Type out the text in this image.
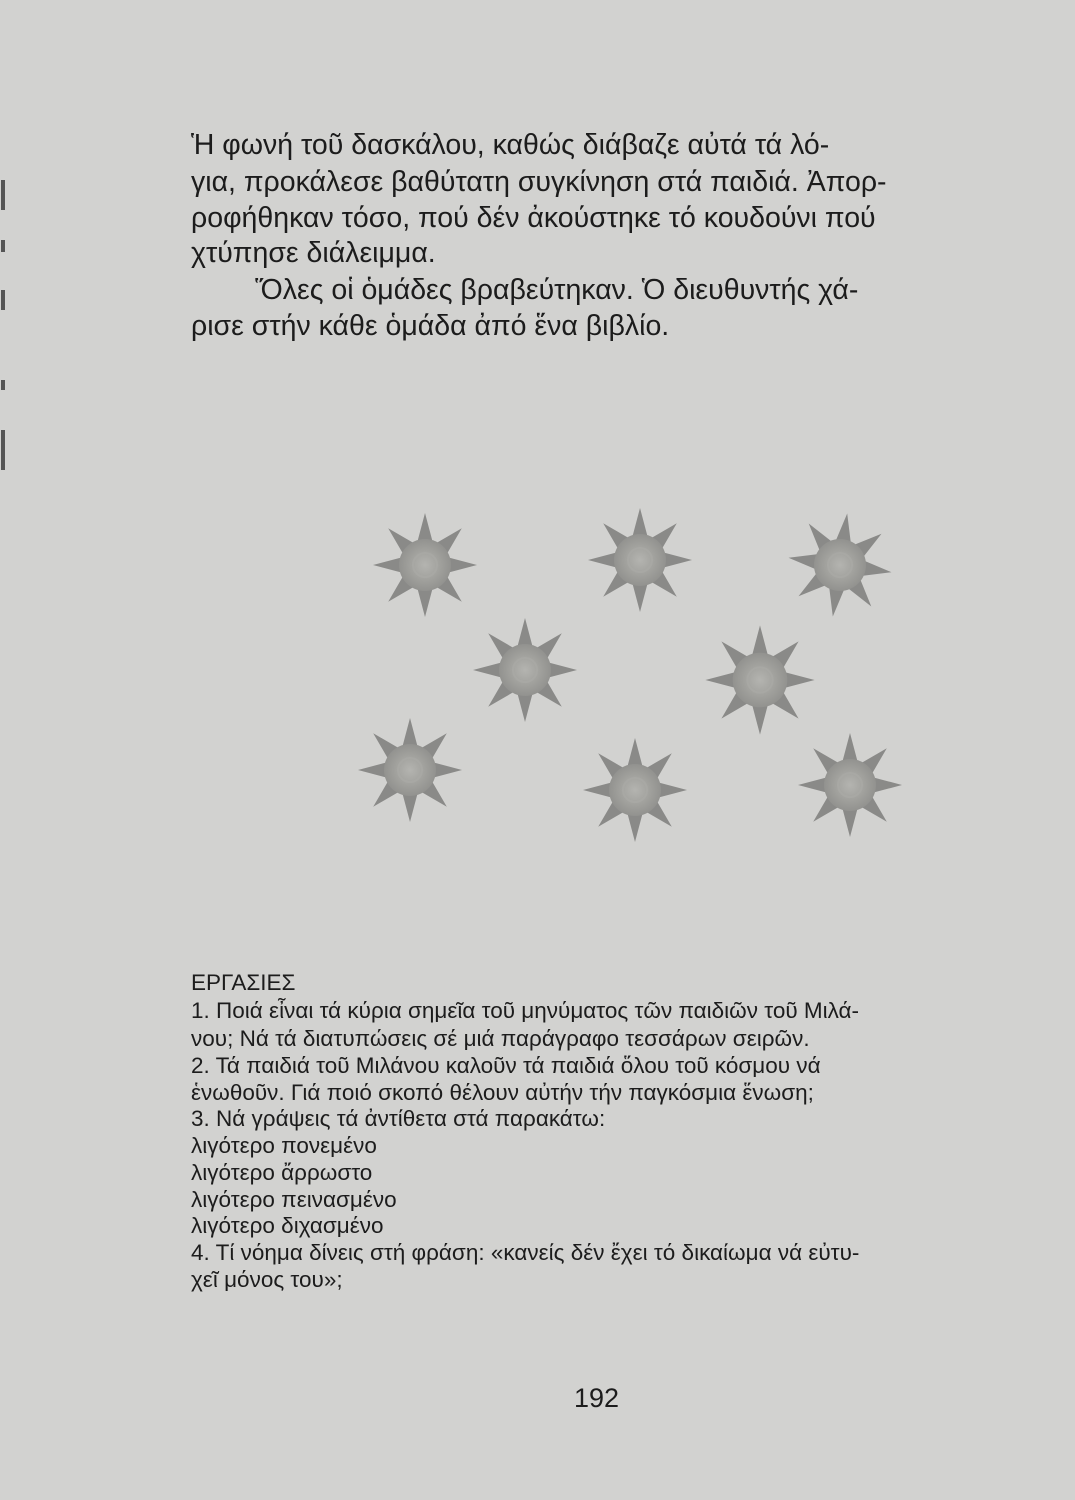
Ἡ φωνή τοῦ δασκάλου, καθώς διάβαζε αὐτά τά λό-
για, προκάλεσε βαθύτατη συγκίνηση στά παιδιά. Ἀπορ-
ροφήθηκαν τόσο, πού δέν ἀκούστηκε τό κουδούνι πού
χτύπησε διάλειμμα.
Ὅλες οἱ ὁμάδες βραβεύτηκαν. Ὁ διευθυντής χά-
ρισε στήν κάθε ὁμάδα ἀπό ἕνα βιβλίο.
ΕΡΓΑΣΙΕΣ
1. Ποιά εἶναι τά κύρια σημεῖα τοῦ μηνύματος τῶν παιδιῶν τοῦ Μιλά-
νου; Νά τά διατυπώσεις σέ μιά παράγραφο τεσσάρων σειρῶν.
2. Τά παιδιά τοῦ Μιλάνου καλοῦν τά παιδιά ὅλου τοῦ κόσμου νά
ἑνωθοῦν. Γιά ποιό σκοπό θέλουν αὐτήν τήν παγκόσμια ἕνωση;
3. Νά γράψεις τά ἀντίθετα στά παρακάτω:
λιγότερο πονεμένο
λιγότερο ἄρρωστο
λιγότερο πεινασμένο
λιγότερο διχασμένο
4. Τί νόημα δίνεις στή φράση: «κανείς δέν ἔχει τό δικαίωμα νά εὐτυ-
χεῖ μόνος του»;
192
